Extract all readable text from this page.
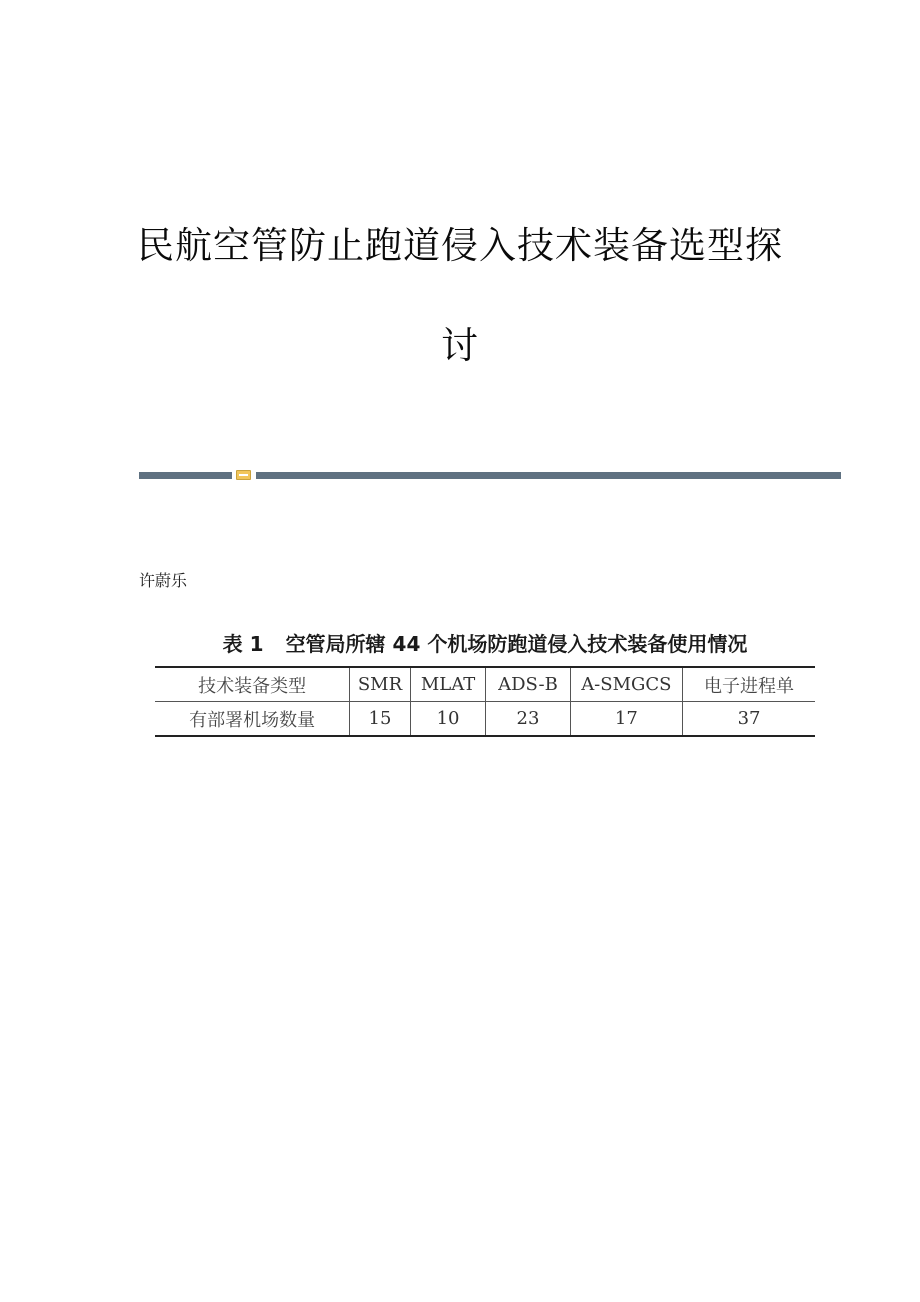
民航空管防止跑道侵入技术装备选型探
讨
许蔚乐
表 1 空管局所辖 44 个机场防跑道侵入技术装备使用情况
技术装备类型	SMR	MLAT	ADS-B	A-SMGCS	电子进程单
有部署机场数量	15	10	23	17	37
